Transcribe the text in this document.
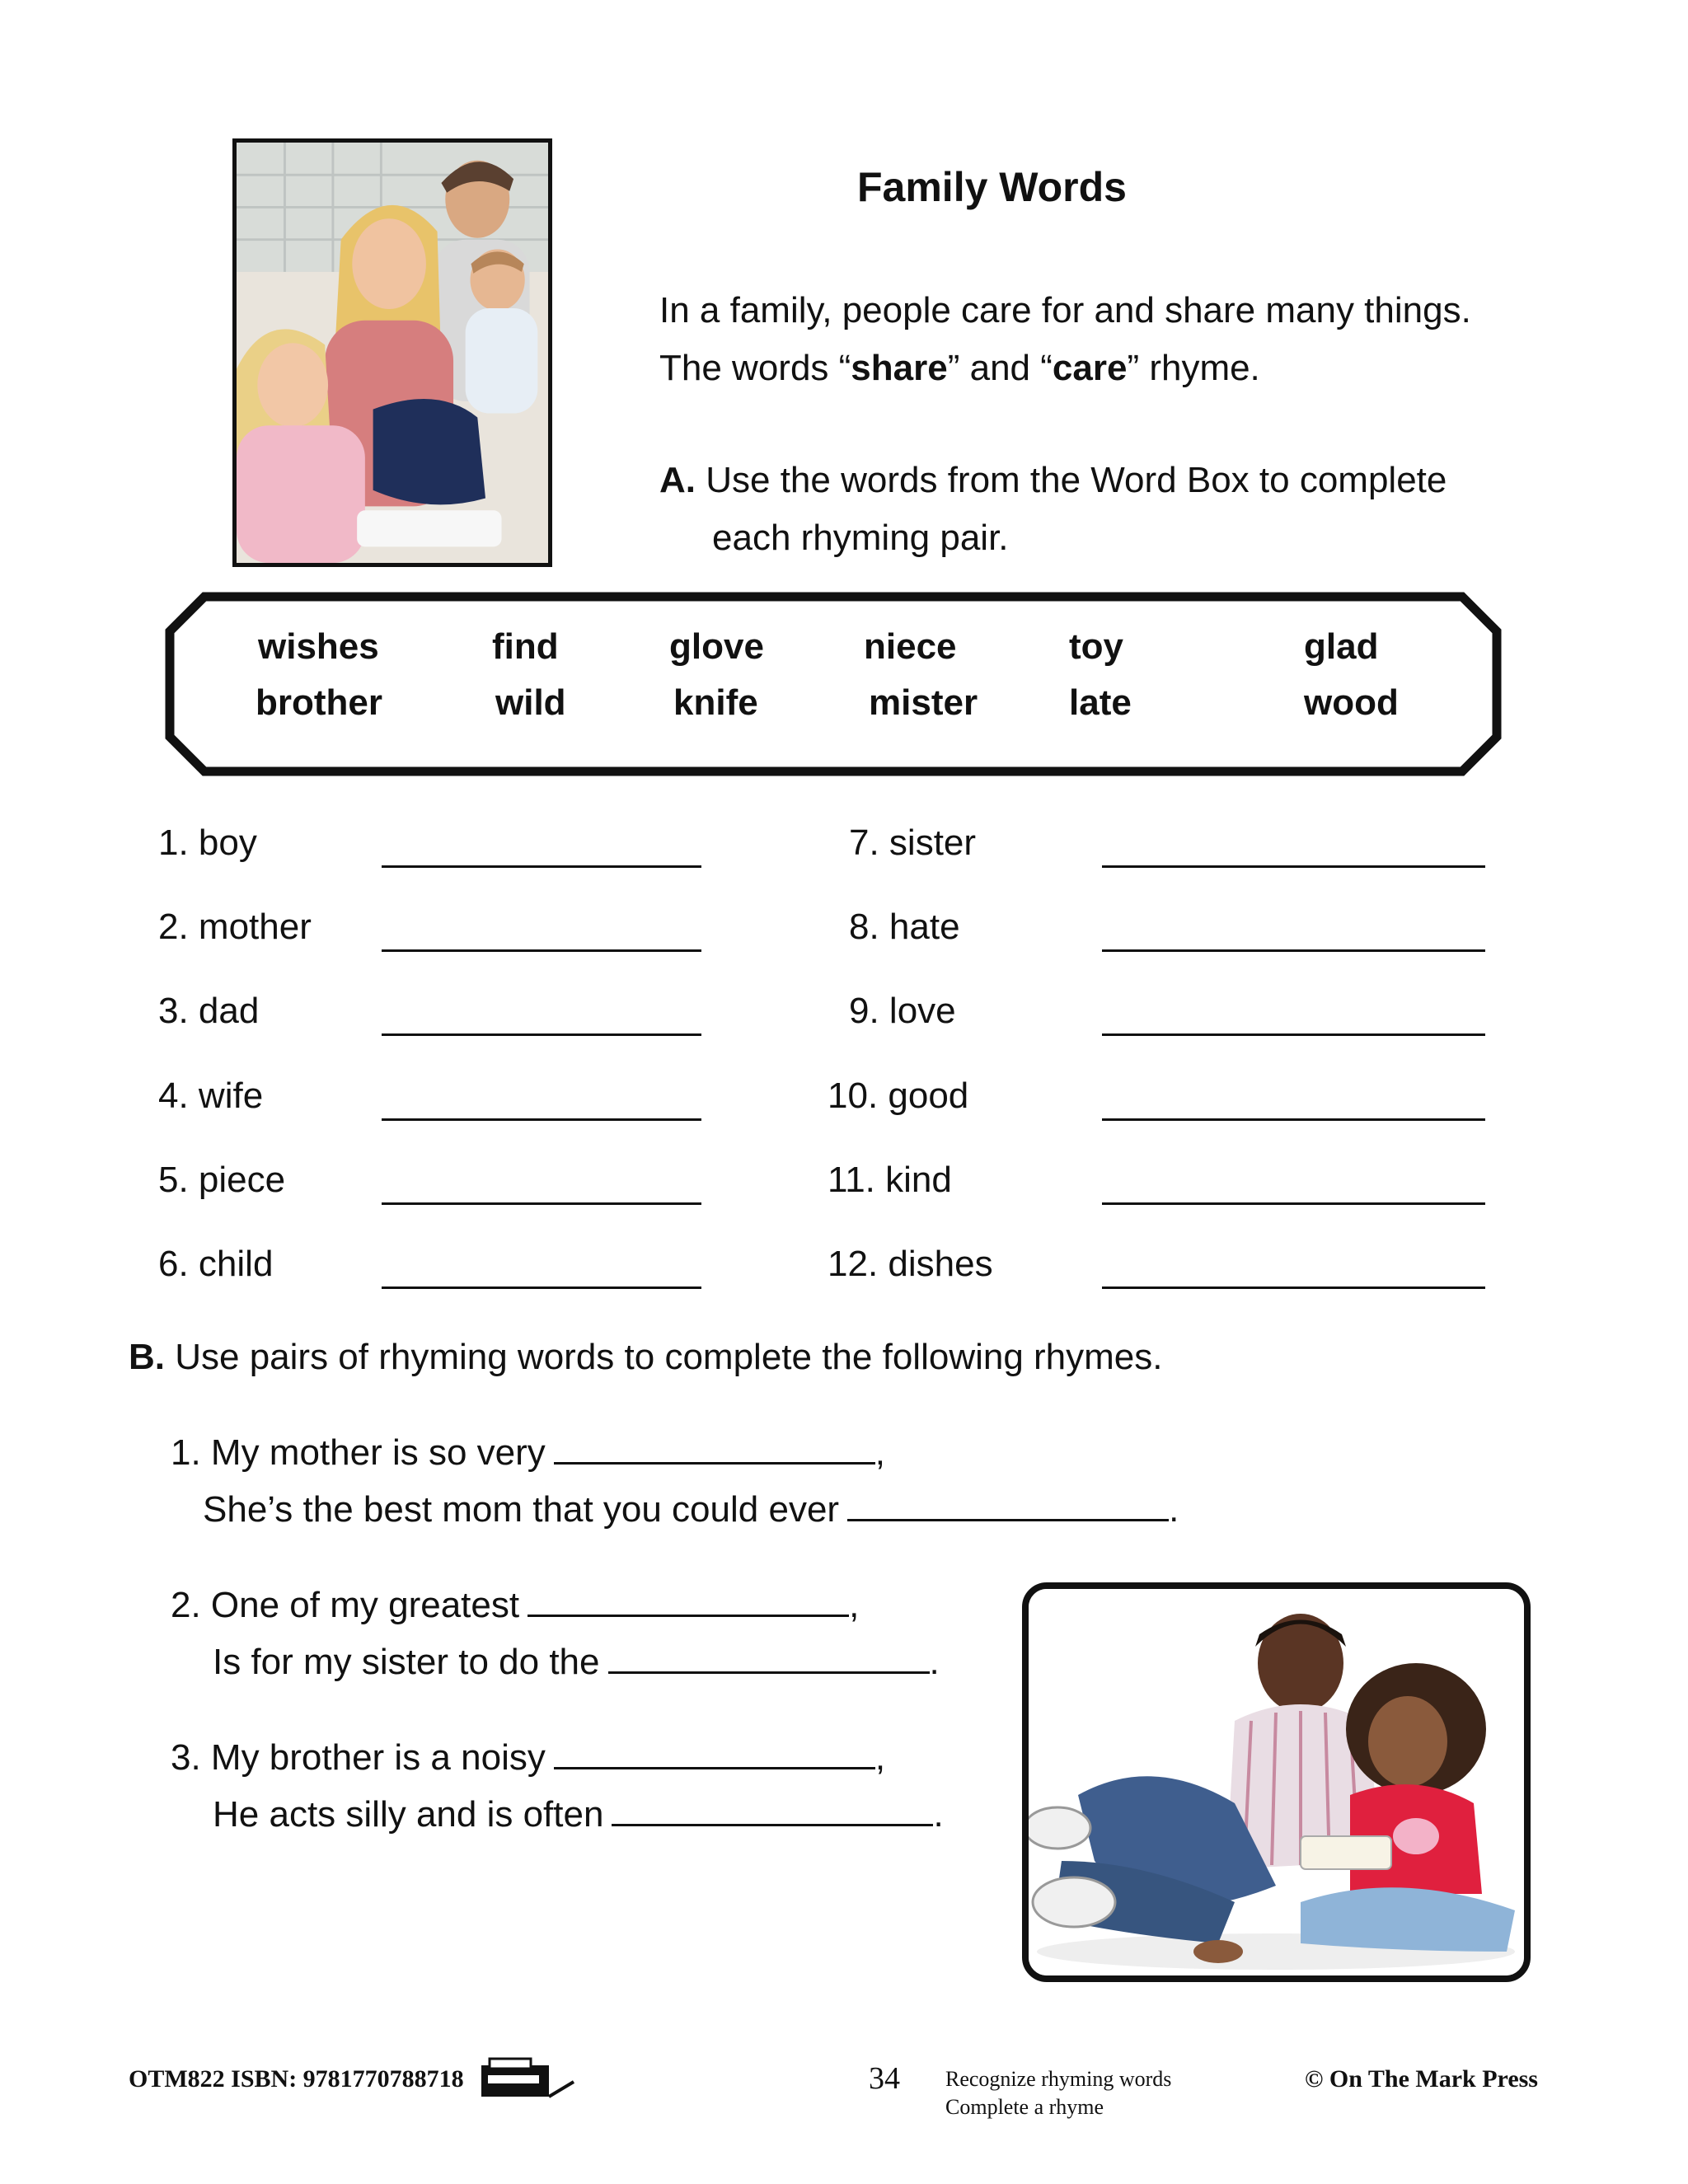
Family Words
In a family, people care for and share many things.
The words “share” and “care” rhyme.
A. Use the words from the Word Box to complete
each rhyming pair.
wishes	find	glove	niece	toy	glad
brother	wild	knife	mister	late	wood
1. boy
2. mother
3. dad
4. wife
5. piece
6. child
7. sister
8. hate
9. love
10. good
11. kind
12. dishes
B. Use pairs of rhyming words to complete the following rhymes.
1. My mother is so very	,
She’s the best mom that you could ever	.
2. One of my greatest	,
Is for my sister to do the	.
3. My brother is a noisy	,
He acts silly and is often	.
OTM822 ISBN: 9781770788718	34 Recognize rhyming words
Complete a rhyme
© On The Mark Press
